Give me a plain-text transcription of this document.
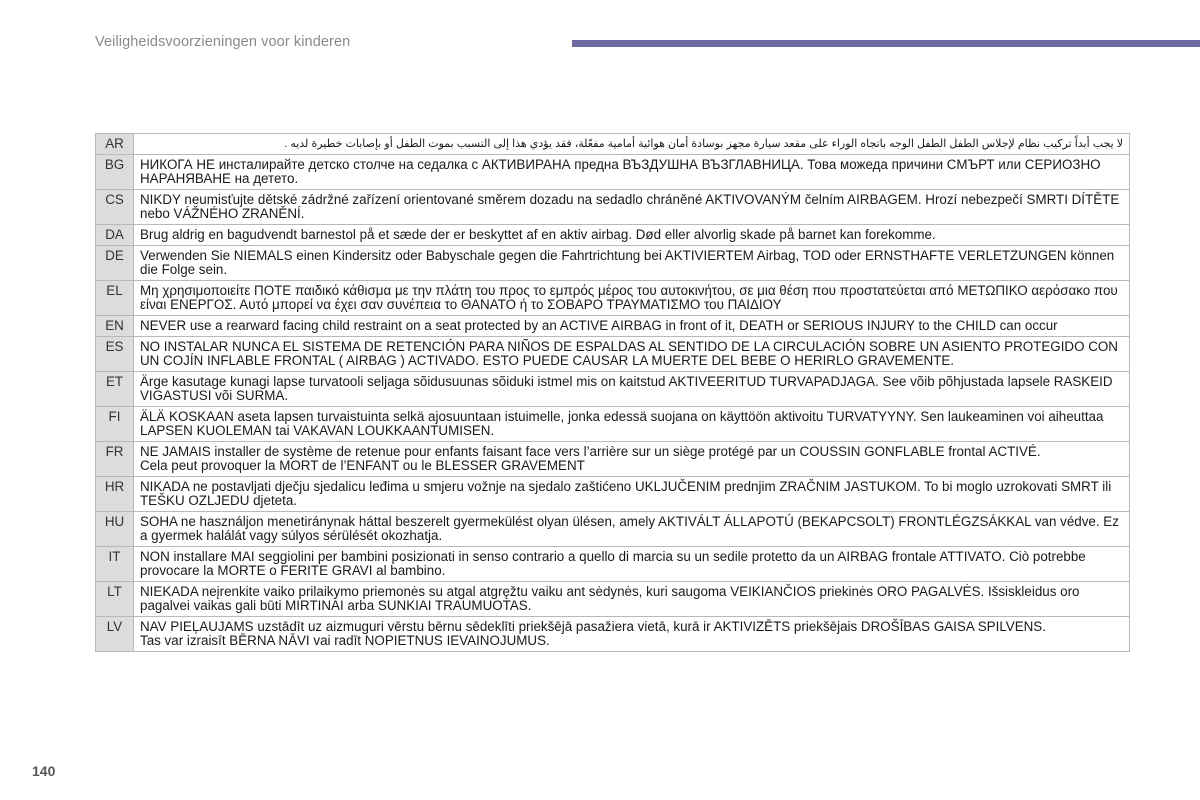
Veiligheidsvoorzieningen voor kinderen
AR	لا يجب أبداً تركيب نظام لإجلاس الطفل الطفل الوجه باتجاه الوراء على مقعد سيارة مجهز بوسادة أمان هوائية أمامية مفعّلة، فقد يؤدي هذا إلى التسبب بموت الطفل أو بإصابات خطيرة لديه .
BG	НИКОГА НЕ инсталирайте детско столче на седалка с АКТИВИРАНА предна ВЪЗДУШНА ВЪЗГЛАВНИЦА. Това можеда причини СМЪРТ или СЕРИОЗНО НАРАНЯВАНЕ на детето.
CS	NIKDY neumisťujte dětské zádržné zařízení orientované směrem dozadu na sedadlo chráněné AKTIVOVANÝM čelním AIRBAGEM. Hrozí nebezpečí SMRTI DÍTĚTE nebo VÁŽNÉHO ZRANĚNÍ.
DA	Brug aldrig en bagudvendt barnestol på et sæde der er beskyttet af en aktiv airbag. Død eller alvorlig skade på barnet kan forekomme.
DE	Verwenden Sie NIEMALS einen Kindersitz oder Babyschale gegen die Fahrtrichtung bei AKTIVIERTEM Airbag, TOD oder ERNSTHAFTE VERLETZUNGEN können die Folge sein.
EL	Μη χρησιμοποιείτε ΠΟΤΕ παιδικό κάθισμα με την πλάτη του προς το εμπρός μέρος του αυτοκινήτου, σε μια θέση που προστατεύεται από ΜΕΤΩΠΙΚΟ αερόσακο που είναι ΕΝΕΡΓΟΣ. Αυτό μπορεί να έχει σαν συνέπεια το ΘΑΝΑΤΟ ή το ΣΟΒΑΡΟ ΤΡΑΥΜΑΤΙΣΜΟ του ΠΑΙΔΙΟΥ
EN	NEVER use a rearward facing child restraint on a seat protected by an ACTIVE AIRBAG in front of it, DEATH or SERIOUS INJURY to the CHILD can occur
ES	NO INSTALAR NUNCA EL SISTEMA DE RETENCIÓN PARA NIÑOS DE ESPALDAS AL SENTIDO DE LA CIRCULACIÓN SOBRE UN ASIENTO PROTEGIDO CON UN COJÍN INFLABLE FRONTAL ( AIRBAG ) ACTIVADO. ESTO PUEDE CAUSAR LA MUERTE DEL BEBE O HERIRLO GRAVEMENTE.
ET	Ärge kasutage kunagi lapse turvatooli seljaga sõidusuunas sõiduki istmel mis on kaitstud AKTIVEERITUD TURVAPADJAGA. See võib põhjustada lapsele RASKEID VIGASTUSI või SURMA.
FI	ÄLÄ KOSKAAN aseta lapsen turvaistuinta selkä ajosuuntaan istuimelle, jonka edessä suojana on käyttöön aktivoitu TURVATYYNY. Sen laukeaminen voi aiheuttaa LAPSEN KUOLEMAN tai VAKAVAN LOUKKAANTUMISEN.
FR	NE JAMAIS installer de système de retenue pour enfants faisant face vers l’arrière sur un siège protégé par un COUSSIN GONFLABLE frontal ACTIVÉ.
Cela peut provoquer la MORT de l’ENFANT ou le BLESSER GRAVEMENT
HR	NIKADA ne postavljati dječju sjedalicu leđima u smjeru vožnje na sjedalo zaštićeno UKLJUČENIM prednjim ZRAČNIM JASTUKOM. To bi moglo uzrokovati SMRT ili TEŠKU OZLJEDU djeteta.
HU	SOHA ne használjon menetiránynak háttal beszerelt gyermekülést olyan ülésen, amely AKTIVÁLT ÁLLAPOTÚ (BEKAPCSOLT) FRONTLÉGZSÁKKAL van védve. Ez a gyermek halálát vagy súlyos sérülését okozhatja.
IT	NON installare MAI seggiolini per bambini posizionati in senso contrario a quello di marcia su un sedile protetto da un AIRBAG frontale ATTIVATO. Ciò potrebbe provocare la MORTE o FERITE GRAVI al bambino.
LT	NIEKADA neįrenkite vaiko prilaikymo priemonės su atgal atgręžtu vaiku ant sėdynės, kuri saugoma VEIKIANČIOS priekinės ORO PAGALVĖS. Išsiskleidus oro pagalvei vaikas gali būti MIRTINAI arba SUNKIAI TRAUMUOTAS.
LV	NAV PIEĻAUJAMS uzstādīt uz aizmuguri vērstu bērnu sēdeklīti priekšējā pasažiera vietā, kurā ir AKTIVIZĒTS priekšējais DROŠĪBAS GAISA SPILVENS.
Tas var izraisīt BĒRNA NĀVI vai radīt NOPIETNUS IEVAINOJUMUS.
140
